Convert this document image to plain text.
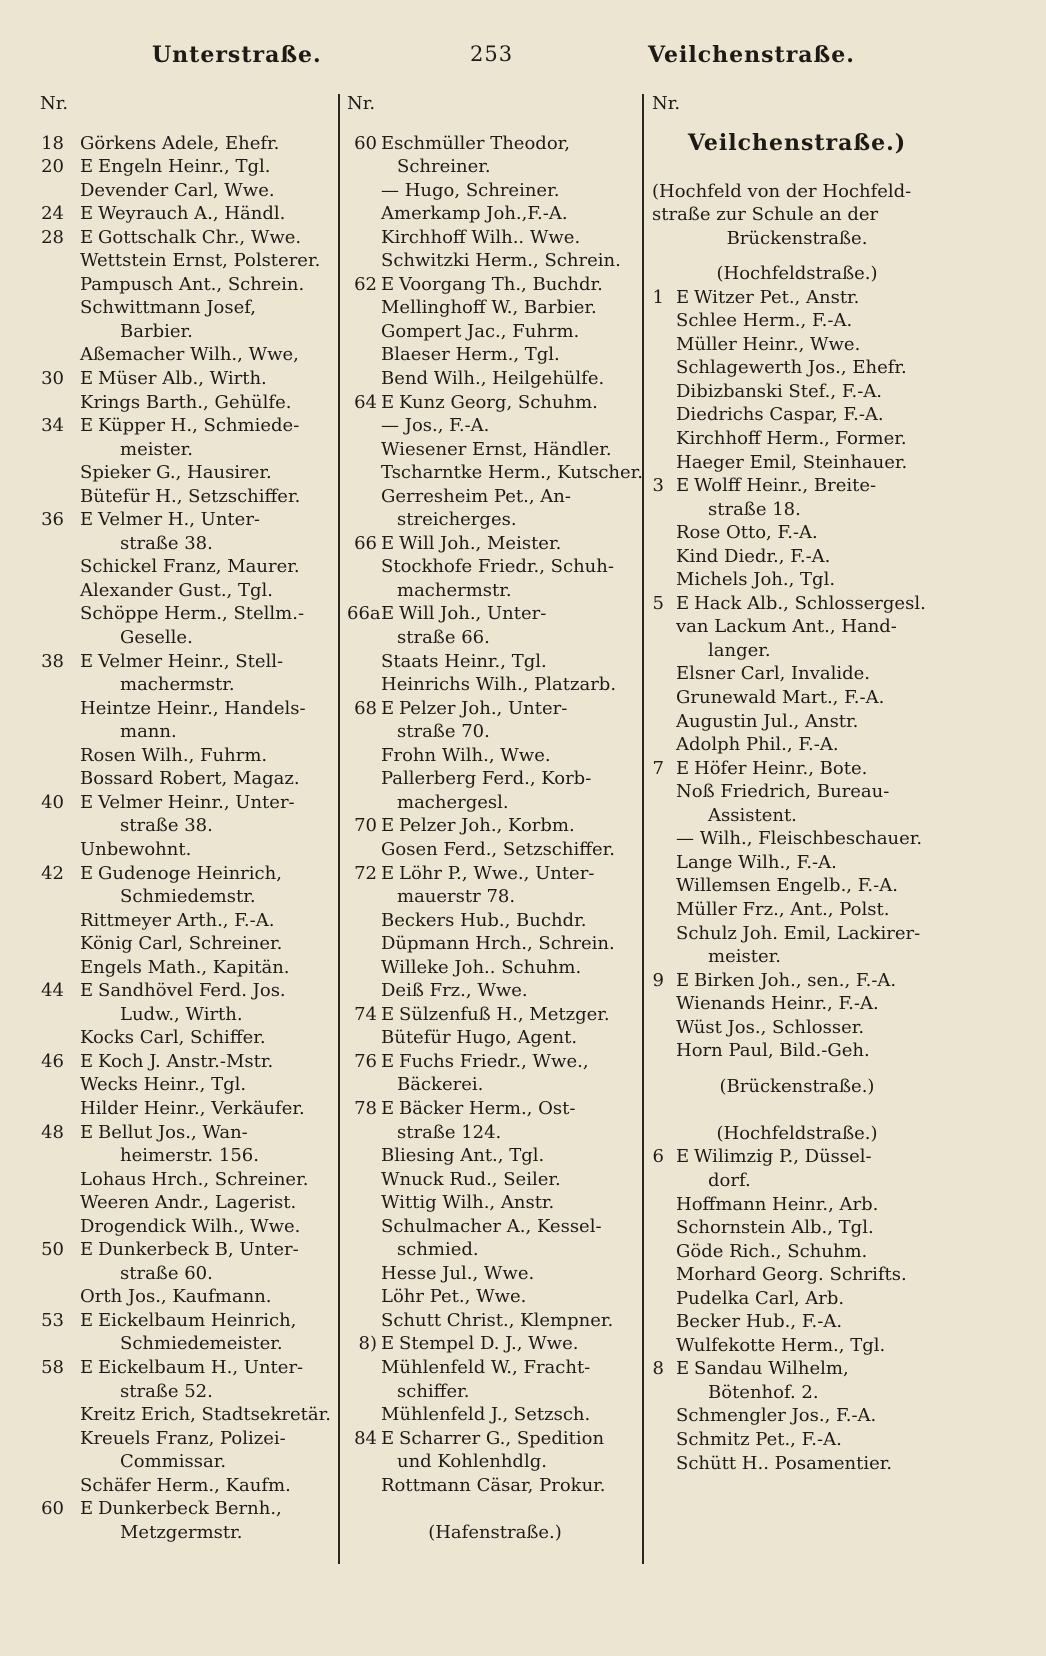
Unterstraße.	253	Veilchenstraße.
Nr.
18 Görkens Adele, Ehefr.
20 E Engeln Heinr., Tgl.
Devender Carl, Wwe.
24 E Weyrauch A., Händl.
28 E Gottschalk Chr., Wwe.
Wettstein Ernst, Polsterer.
Pampusch Ant., Schrein.
Schwittmann Josef,
Barbier.
Aßemacher Wilh., Wwe,
30 E Müser Alb., Wirth.
Krings Barth., Gehülfe.
34 E Küpper H., Schmiede-
meister.
Spieker G., Hausirer.
Bütefür H., Setzschiffer.
36 E Velmer H., Unter-
straße 38.
Schickel Franz, Maurer.
Alexander Gust., Tgl.
Schöppe Herm., Stellm.-
Geselle.
38 E Velmer Heinr., Stell-
machermstr.
Heintze Heinr., Handels-
mann.
Rosen Wilh., Fuhrm.
Bossard Robert, Magaz.
40 E Velmer Heinr., Unter-
straße 38.
Unbewohnt.
42 E Gudenoge Heinrich,
Schmiedemstr.
Rittmeyer Arth., F.-A.
König Carl, Schreiner.
Engels Math., Kapitän.
44 E Sandhövel Ferd. Jos.
Ludw., Wirth.
Kocks Carl, Schiffer.
46 E Koch J. Anstr.-Mstr.
Wecks Heinr., Tgl.
Hilder Heinr., Verkäufer.
48 E Bellut Jos., Wan-
heimerstr. 156.
Lohaus Hrch., Schreiner.
Weeren Andr., Lagerist.
Drogendick Wilh., Wwe.
50 E Dunkerbeck B, Unter-
straße 60.
Orth Jos., Kaufmann.
53 E Eickelbaum Heinrich,
Schmiedemeister.
58 E Eickelbaum H., Unter-
straße 52.
Kreitz Erich, Stadtsekretär.
Kreuels Franz, Polizei-
Commissar.
Schäfer Herm., Kaufm.
60 E Dunkerbeck Bernh.,
Metzgermstr.
Nr.
60 Eschmüller Theodor,
Schreiner.
— Hugo, Schreiner.
Amerkamp Joh.,F.-A.
Kirchhoff Wilh.. Wwe.
Schwitzki Herm., Schrein.
62 E Voorgang Th., Buchdr.
Mellinghoff W., Barbier.
Gompert Jac., Fuhrm.
Blaeser Herm., Tgl.
Bend Wilh., Heilgehülfe.
64 E Kunz Georg, Schuhm.
— Jos., F.-A.
Wiesener Ernst, Händler.
Tscharntke Herm., Kutscher.
Gerresheim Pet., An-
streicherges.
66 E Will Joh., Meister.
Stockhofe Friedr., Schuh-
machermstr.
66a E Will Joh., Unter-
straße 66.
Staats Heinr., Tgl.
Heinrichs Wilh., Platzarb.
68 E Pelzer Joh., Unter-
straße 70.
Frohn Wilh., Wwe.
Pallerberg Ferd., Korb-
machergesl.
70 E Pelzer Joh., Korbm.
Gosen Ferd., Setzschiffer.
72 E Löhr P., Wwe., Unter-
mauerstr 78.
Beckers Hub., Buchdr.
Düpmann Hrch., Schrein.
Willeke Joh.. Schuhm.
Deiß Frz., Wwe.
74 E Sülzenfuß H., Metzger.
Bütefür Hugo, Agent.
76 E Fuchs Friedr., Wwe.,
Bäckerei.
78 E Bäcker Herm., Ost-
straße 124.
Bliesing Ant., Tgl.
Wnuck Rud., Seiler.
Wittig Wilh., Anstr.
Schulmacher A., Kessel-
schmied.
Hesse Jul., Wwe.
Löhr Pet., Wwe.
Schutt Christ., Klempner.
8) E Stempel D. J., Wwe.
Mühlenfeld W., Fracht-
schiffer.
Mühlenfeld J., Setzsch.
84 E Scharrer G., Spedition
und Kohlenhdlg.
Rottmann Cäsar, Prokur.
(Hafenstraße.)
Nr.
Veilchenstraße.)
(Hochfeld von der Hochfeld-
straße zur Schule an der
Brückenstraße.
(Hochfeldstraße.)
1 E Witzer Pet., Anstr.
Schlee Herm., F.-A.
Müller Heinr., Wwe.
Schlagewerth Jos., Ehefr.
Dibizbanski Stef., F.-A.
Diedrichs Caspar, F.-A.
Kirchhoff Herm., Former.
Haeger Emil, Steinhauer.
3 E Wolff Heinr., Breite-
straße 18.
Rose Otto, F.-A.
Kind Diedr., F.-A.
Michels Joh., Tgl.
5 E Hack Alb., Schlossergesl.
van Lackum Ant., Hand-
langer.
Elsner Carl, Invalide.
Grunewald Mart., F.-A.
Augustin Jul., Anstr.
Adolph Phil., F.-A.
7 E Höfer Heinr., Bote.
Noß Friedrich, Bureau-
Assistent.
— Wilh., Fleischbeschauer.
Lange Wilh., F.-A.
Willemsen Engelb., F.-A.
Müller Frz., Ant., Polst.
Schulz Joh. Emil, Lackirer-
meister.
9 E Birken Joh., sen., F.-A.
Wienands Heinr., F.-A.
Wüst Jos., Schlosser.
Horn Paul, Bild.-Geh.
(Brückenstraße.)
(Hochfeldstraße.)
6 E Wilimzig P., Düssel-
dorf.
Hoffmann Heinr., Arb.
Schornstein Alb., Tgl.
Göde Rich., Schuhm.
Morhard Georg. Schrifts.
Pudelka Carl, Arb.
Becker Hub., F.-A.
Wulfekotte Herm., Tgl.
8 E Sandau Wilhelm,
Bötenhof. 2.
Schmengler Jos., F.-A.
Schmitz Pet., F.-A.
Schütt H.. Posamentier.
